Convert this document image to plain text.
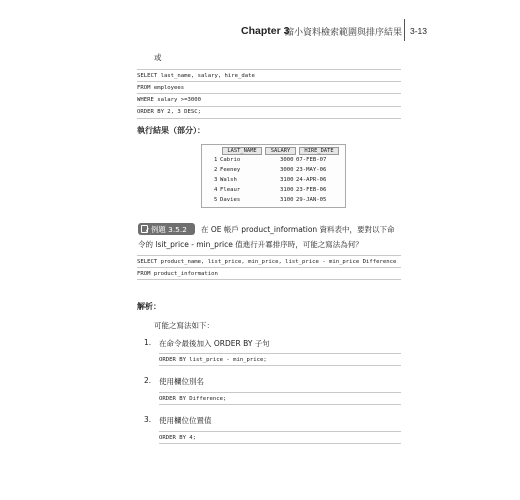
Chapter 3
縮小資料檢索範圍與排序結果 3-13
或
SELECT last_name, salary, hire_date
FROM employees
WHERE salary >=3000
ORDER BY 2, 3 DESC;
執行結果（部分）：
LAST_NAME	SALARY	HIRE_DATE
1 Cabrio	3000 07-FEB-07
2 Feeney	3000 23-MAY-06
3 Walsh	3100 24-APR-06
4 Fleaur	3100 23-FEB-06
5 Davies	3100 29-JAN-05
例題 3.5.2 在 OE 帳戶 product_information 資料表中，要對以下命
令的 lsit_price - min_price 值進行升冪排序時，可能之寫法為何？
SELECT product_name, list_price, min_price, list_price - min_price Difference
FROM product_information
解析：
可能之寫法如下：
1. 在命令最後加入 ORDER BY 子句
ORDER BY list_price - min_price;
2. 使用欄位別名
ORDER BY Difference;
3. 使用欄位位置值
ORDER BY 4;
